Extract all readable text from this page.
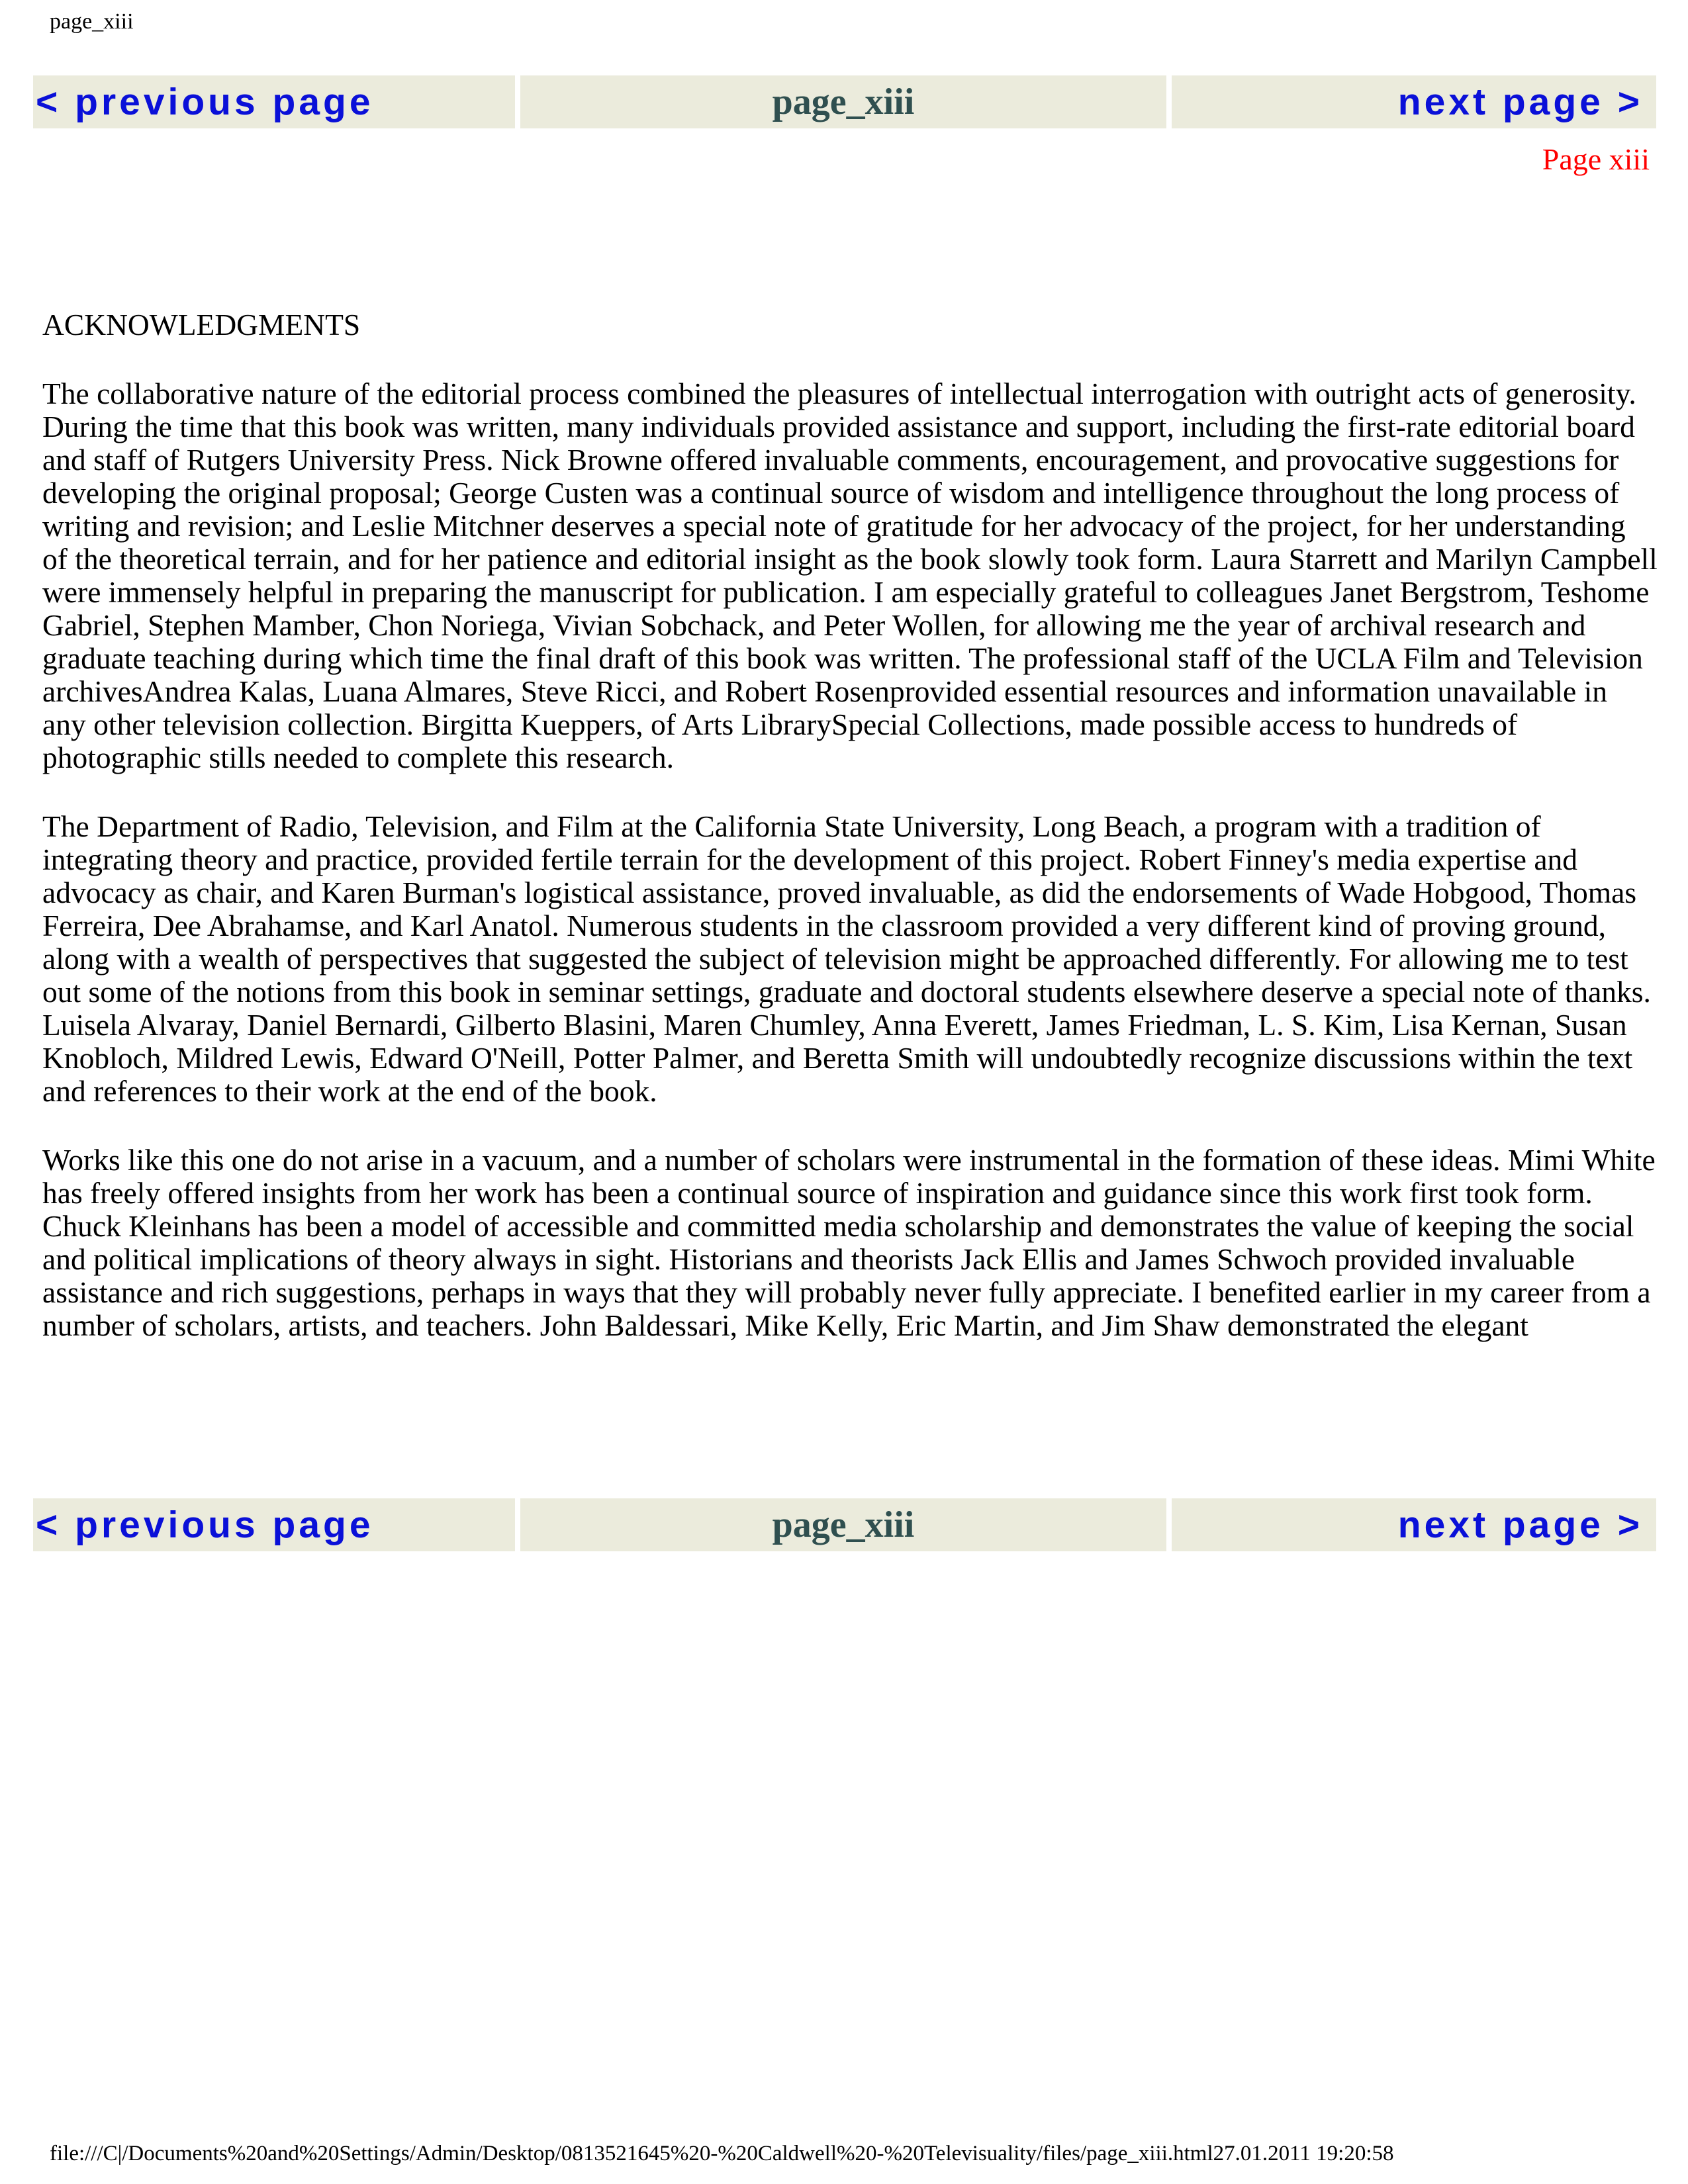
page_xiii
< previous page	page_xiii	next page >
Page xiii
ACKNOWLEDGMENTS

The collaborative nature of the editorial process combined the pleasures of intellectual interrogation with outright acts of generosity. During the time that this book was written, many individuals provided assistance and support, including the first-rate editorial board and staff of Rutgers University Press. Nick Browne offered invaluable comments, encouragement, and provocative suggestions for developing the original proposal; George Custen was a continual source of wisdom and intelligence throughout the long process of writing and revision; and Leslie Mitchner deserves a special note of gratitude for her advocacy of the project, for her understanding of the theoretical terrain, and for her patience and editorial insight as the book slowly took form. Laura Starrett and Marilyn Campbell were immensely helpful in preparing the manuscript for publication. I am especially grateful to colleagues Janet Bergstrom, Teshome Gabriel, Stephen Mamber, Chon Noriega, Vivian Sobchack, and Peter Wollen, for allowing me the year of archival research and graduate teaching during which time the final draft of this book was written. The professional staff of the UCLA Film and Television archivesAndrea Kalas, Luana Almares, Steve Ricci, and Robert Rosenprovided essential resources and information unavailable in any other television collection. Birgitta Kueppers, of Arts LibrarySpecial Collections, made possible access to hundreds of photographic stills needed to complete this research.

The Department of Radio, Television, and Film at the California State University, Long Beach, a program with a tradition of integrating theory and practice, provided fertile terrain for the development of this project. Robert Finney's media expertise and advocacy as chair, and Karen Burman's logistical assistance, proved invaluable, as did the endorsements of Wade Hobgood, Thomas Ferreira, Dee Abrahamse, and Karl Anatol. Numerous students in the classroom provided a very different kind of proving ground, along with a wealth of perspectives that suggested the subject of television might be approached differently. For allowing me to test out some of the notions from this book in seminar settings, graduate and doctoral students elsewhere deserve a special note of thanks. Luisela Alvaray, Daniel Bernardi, Gilberto Blasini, Maren Chumley, Anna Everett, James Friedman, L. S. Kim, Lisa Kernan, Susan Knobloch, Mildred Lewis, Edward O'Neill, Potter Palmer, and Beretta Smith will undoubtedly recognize discussions within the text and references to their work at the end of the book.

Works like this one do not arise in a vacuum, and a number of scholars were instrumental in the formation of these ideas. Mimi White has freely offered insights from her work has been a continual source of inspiration and guidance since this work first took form. Chuck Kleinhans has been a model of accessible and committed media scholarship and demonstrates the value of keeping the social and political implications of theory always in sight. Historians and theorists Jack Ellis and James Schwoch provided invaluable assistance and rich suggestions, perhaps in ways that they will probably never fully appreciate. I benefited earlier in my career from a number of scholars, artists, and teachers. John Baldessari, Mike Kelly, Eric Martin, and Jim Shaw demonstrated the elegant

< previous page	page_xiii	next page >
file:///C|/Documents%20and%20Settings/Admin/Desktop/0813521645%20-%20Caldwell%20-%20Televisuality/files/page_xiii.html27.01.2011 19:20:58
